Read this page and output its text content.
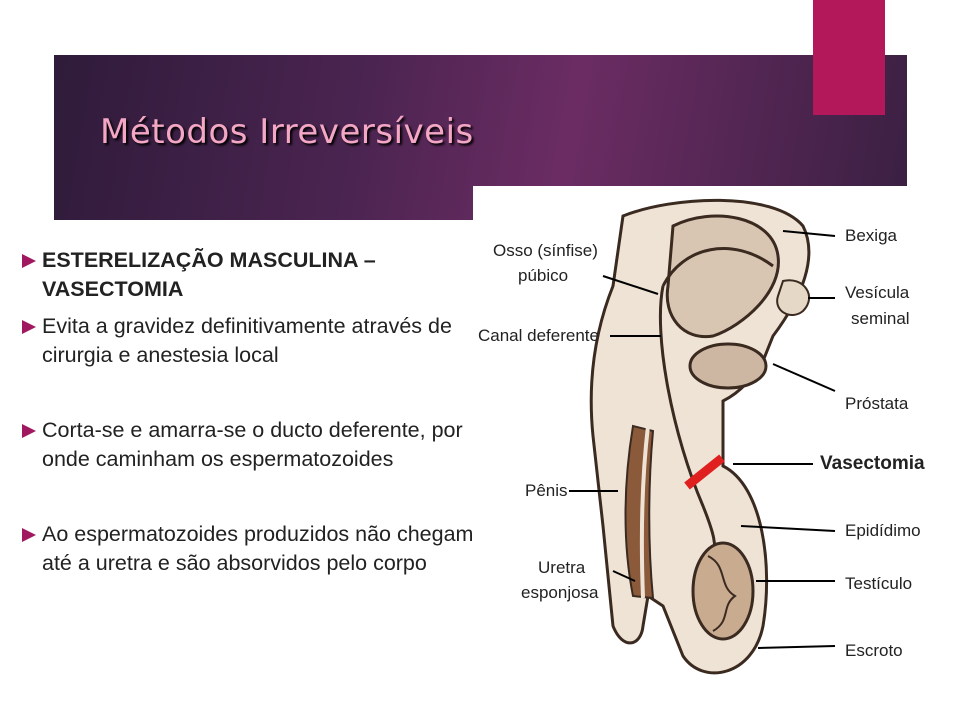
Métodos Irreversíveis
ESTERELIZAÇÃO MASCULINA – VASECTOMIA
Evita a gravidez definitivamente através de cirurgia e anestesia local
Corta-se e amarra-se o ducto deferente, por onde caminham os espermatozoides
Ao espermatozoides produzidos não chegam até a uretra e são absorvidos pelo corpo
Osso (sínfise)
púbico
Canal deferente
Pênis
Uretra
esponjosa
Bexiga
Vesícula
seminal
Próstata
Vasectomia
Epidídimo
Testículo
Escroto
